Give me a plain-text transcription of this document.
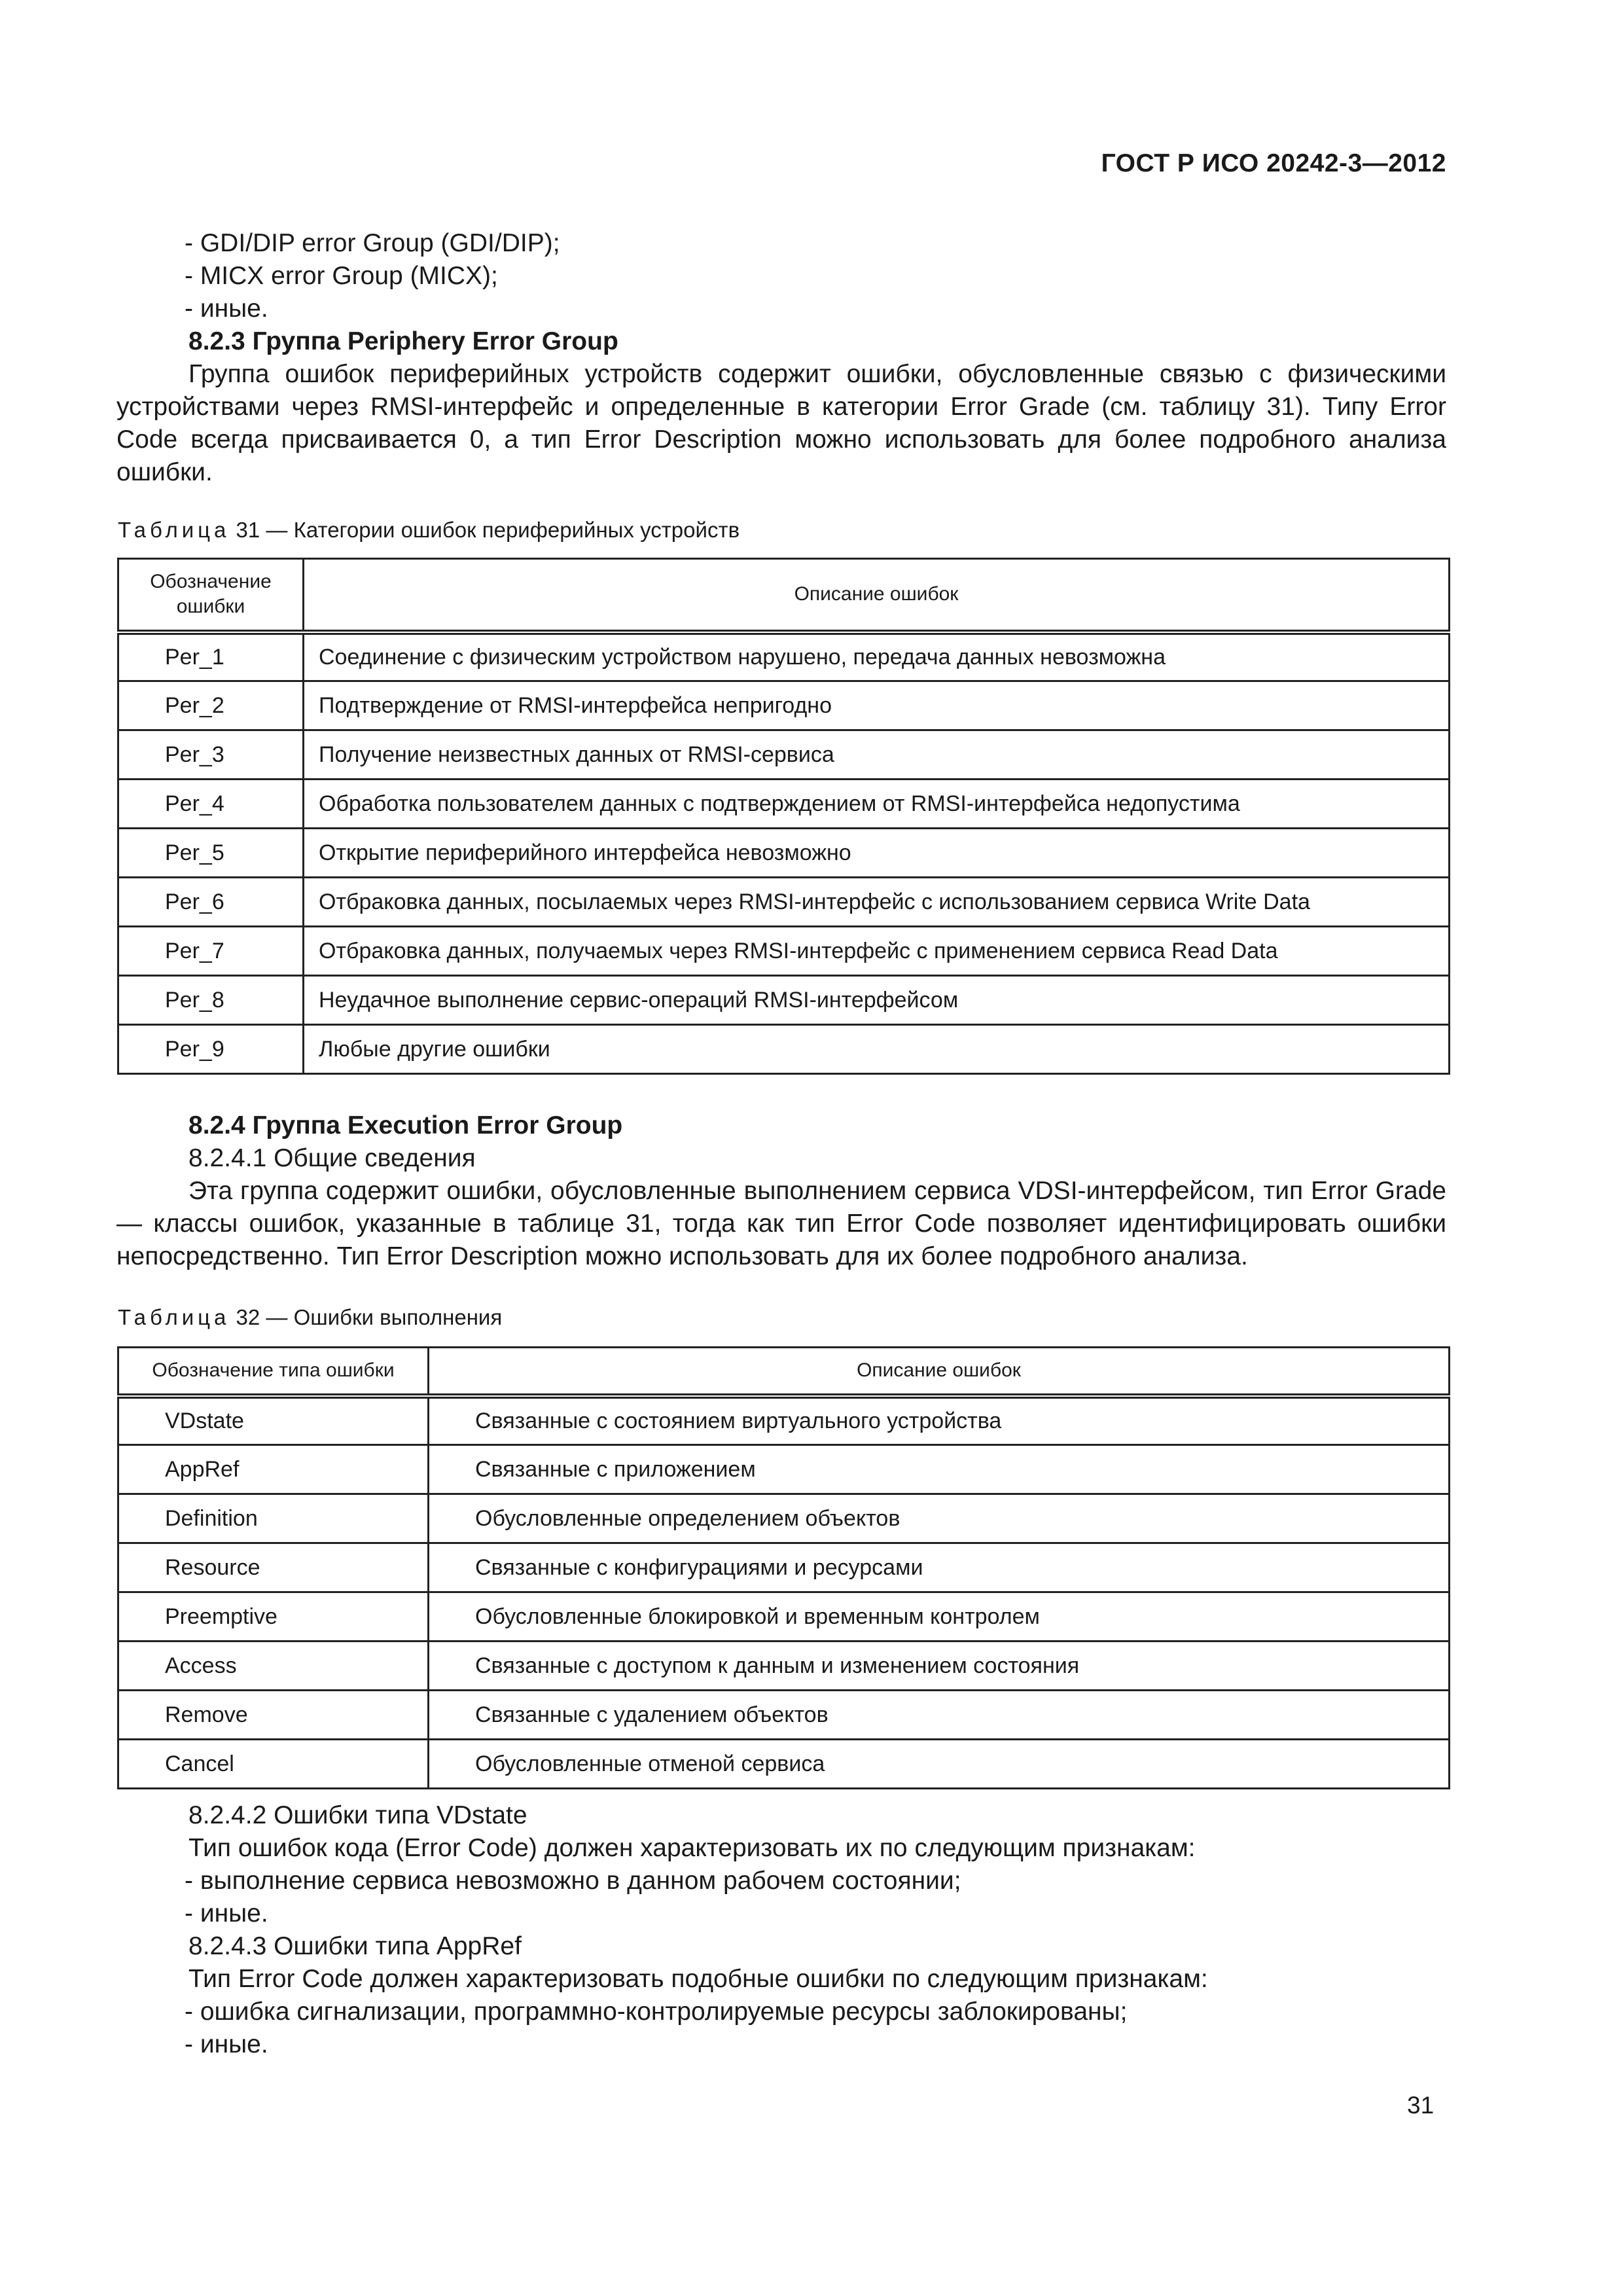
ГОСТ Р ИСО 20242-3—2012
- GDI/DIP error Group (GDI/DIP);
- MICX error Group (MICX);
- иные.
8.2.3 Группа Periphery Error Group
Группа ошибок периферийных устройств содержит ошибки, обусловленные связью с физическими устройствами через RMSI-интерфейс и определенные в категории Error Grade (см. таблицу 31). Типу Error Code всегда присваивается 0, а тип Error Description можно использовать для более подробного анализа ошибки.
Таблица 31 — Категории ошибок периферийных устройств
Обозначение ошибки	Описание ошибок
Per_1	Соединение с физическим устройством нарушено, передача данных невозможна
Per_2	Подтверждение от RMSI-интерфейса непригодно
Per_3	Получение неизвестных данных от RMSI-сервиса
Per_4	Обработка пользователем данных с подтверждением от RMSI-интерфейса недопустима
Per_5	Открытие периферийного интерфейса невозможно
Per_6	Отбраковка данных, посылаемых через RMSI-интерфейс с использованием сервиса Write Data
Per_7	Отбраковка данных, получаемых через RMSI-интерфейс с применением сервиса Read Data
Per_8	Неудачное выполнение сервис-операций RMSI-интерфейсом
Per_9	Любые другие ошибки
8.2.4 Группа Execution Error Group
8.2.4.1 Общие сведения
Эта группа содержит ошибки, обусловленные выполнением сервиса VDSI-интерфейсом, тип Error Grade — классы ошибок, указанные в таблице 31, тогда как тип Error Code позволяет идентифицировать ошибки непосредственно. Тип Error Description можно использовать для их более подробного анализа.
Таблица 32 — Ошибки выполнения
Обозначение типа ошибки	Описание ошибок
VDstate	Связанные с состоянием виртуального устройства
AppRef	Связанные с приложением
Definition	Обусловленные определением объектов
Resource	Связанные с конфигурациями и ресурсами
Preemptive	Обусловленные блокировкой и временным контролем
Access	Связанные с доступом к данным и изменением состояния
Remove	Связанные с удалением объектов
Cancel	Обусловленные отменой сервиса
8.2.4.2 Ошибки типа VDstate
Тип ошибок кода (Error Code) должен характеризовать их по следующим признакам:
- выполнение сервиса невозможно в данном рабочем состоянии;
- иные.
8.2.4.3 Ошибки типа AppRef
Тип Error Code должен характеризовать подобные ошибки по следующим признакам:
- ошибка сигнализации, программно-контролируемые ресурсы заблокированы;
- иные.
31
